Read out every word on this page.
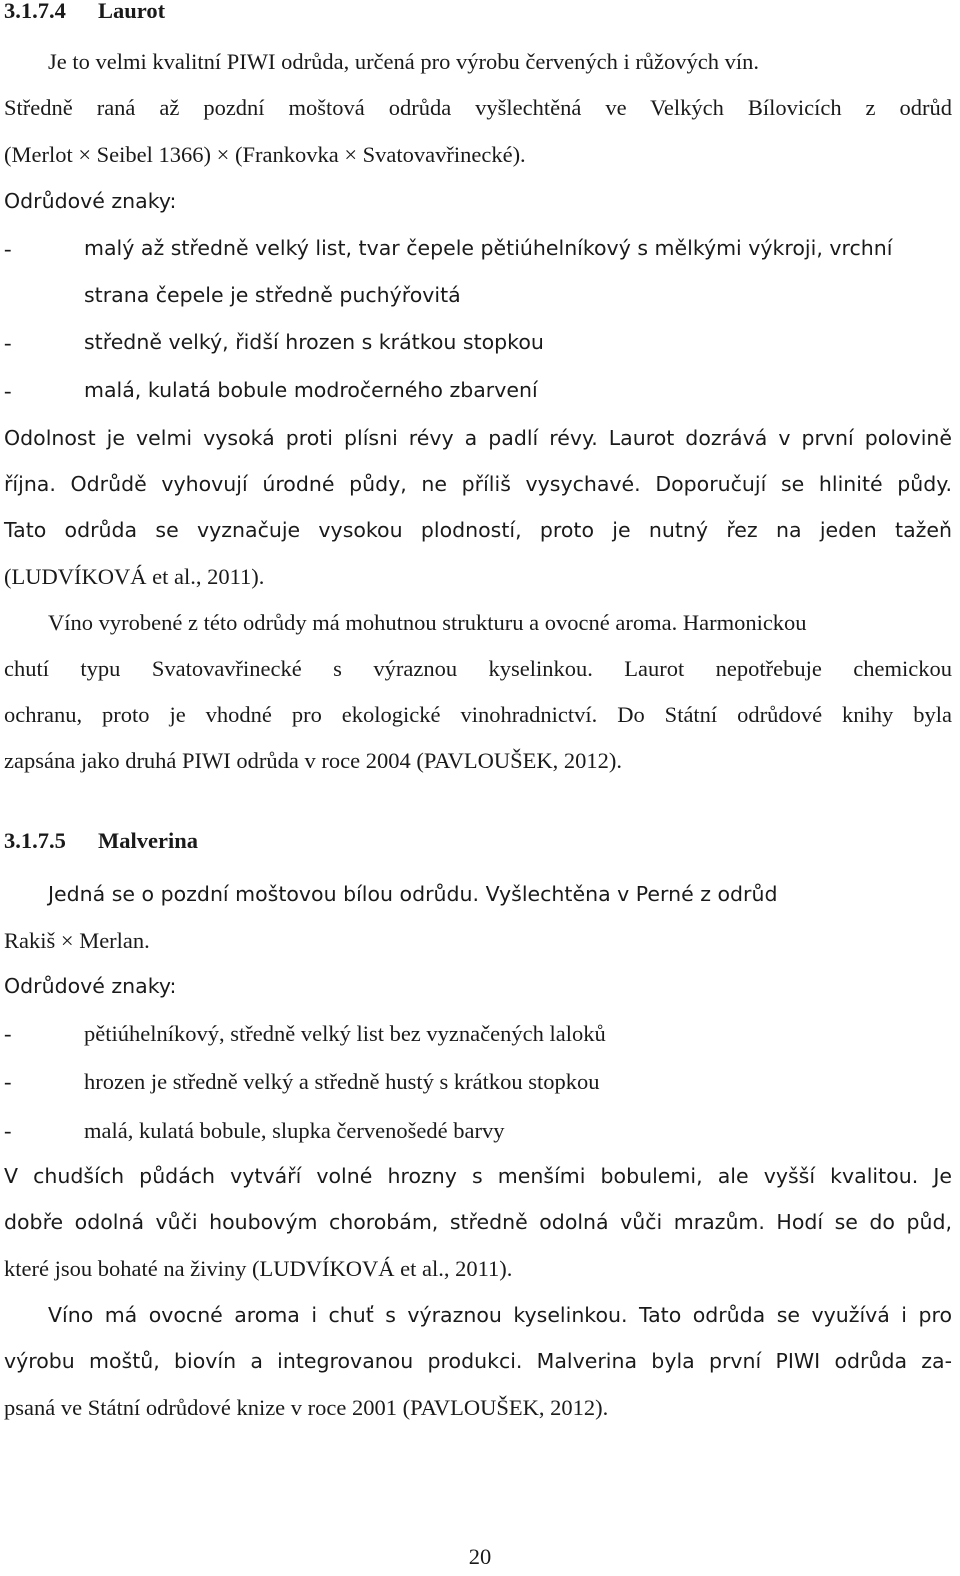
3.1.7.4 Laurot
Je to velmi kvalitní PIWI odrůda, určená pro výrobu červených i růžových vín.
Středně raná až pozdní moštová odrůda vyšlechtěná ve Velkých Bílovicích z odrůd
(Merlot × Seibel 1366) × (Frankovka × Svatovavřinecké).
Odrůdové znaky:
-	malý až středně velký list, tvar čepele pětiúhelníkový s mělkými výkroji, vrchní
strana čepele je středně puchýřovitá
-	středně velký, řidší hrozen s krátkou stopkou
-	malá, kulatá bobule modročerného zbarvení
Odolnost je velmi vysoká proti plísni révy a padlí révy. Laurot dozrává v první polovině
října. Odrůdě vyhovují úrodné půdy, ne příliš vysychavé. Doporučují se hlinité půdy.
Tato odrůda se vyznačuje vysokou plodností, proto je nutný řez na jeden tažeň
(LUDVÍKOVÁ et al., 2011).
Víno vyrobené z této odrůdy má mohutnou strukturu a ovocné aroma. Harmonickou
chutí typu Svatovavřinecké s výraznou kyselinkou. Laurot nepotřebuje chemickou
ochranu, proto je vhodné pro ekologické vinohradnictví. Do Státní odrůdové knihy byla
zapsána jako druhá PIWI odrůda v roce 2004 (PAVLOUŠEK, 2012).
3.1.7.5 Malverina
Jedná se o pozdní moštovou bílou odrůdu. Vyšlechtěna v Perné z odrůd
Rakiš × Merlan.
Odrůdové znaky:
-	pětiúhelníkový, středně velký list bez vyznačených laloků
-	hrozen je středně velký a středně hustý s krátkou stopkou
-	malá, kulatá bobule, slupka červenošedé barvy
V chudších půdách vytváří volné hrozny s menšími bobulemi, ale vyšší kvalitou. Je
dobře odolná vůči houbovým chorobám, středně odolná vůči mrazům. Hodí se do půd,
které jsou bohaté na živiny (LUDVÍKOVÁ et al., 2011).
Víno má ovocné aroma i chuť s výraznou kyselinkou. Tato odrůda se využívá i pro
výrobu moštů, biovín a integrovanou produkci. Malverina byla první PIWI odrůda za-
psaná ve Státní odrůdové knize v roce 2001 (PAVLOUŠEK, 2012).
20
